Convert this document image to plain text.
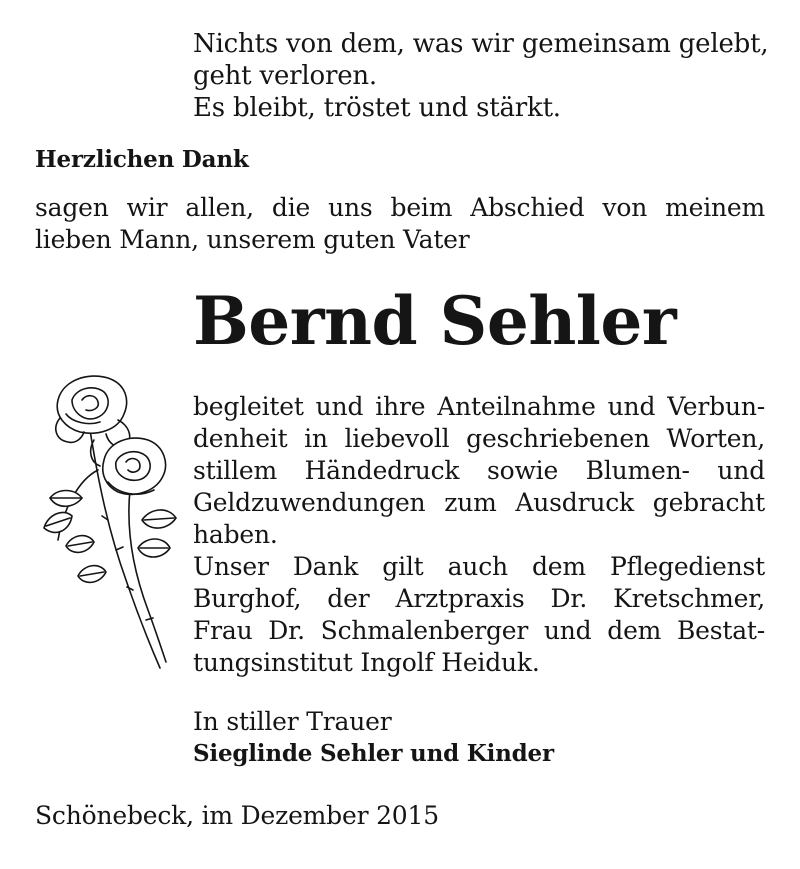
Nichts von dem, was wir gemeinsam gelebt,
geht verloren.
Es bleibt, tröstet und stärkt.
Herzlichen Dank
sagen wir allen, die uns beim Abschied von meinem
lieben Mann, unserem guten Vater
Bernd Sehler
begleitet und ihre Anteilnahme und Verbun-
denheit in liebevoll geschriebenen Worten,
stillem Händedruck sowie Blumen- und
Geldzuwendungen zum Ausdruck gebracht
haben.
Unser Dank gilt auch dem Pflegedienst
Burghof, der Arztpraxis Dr. Kretschmer,
Frau Dr. Schmalenberger und dem Bestat-
tungsinstitut Ingolf Heiduk.
In stiller Trauer
Sieglinde Sehler und Kinder
Schönebeck, im Dezember 2015
